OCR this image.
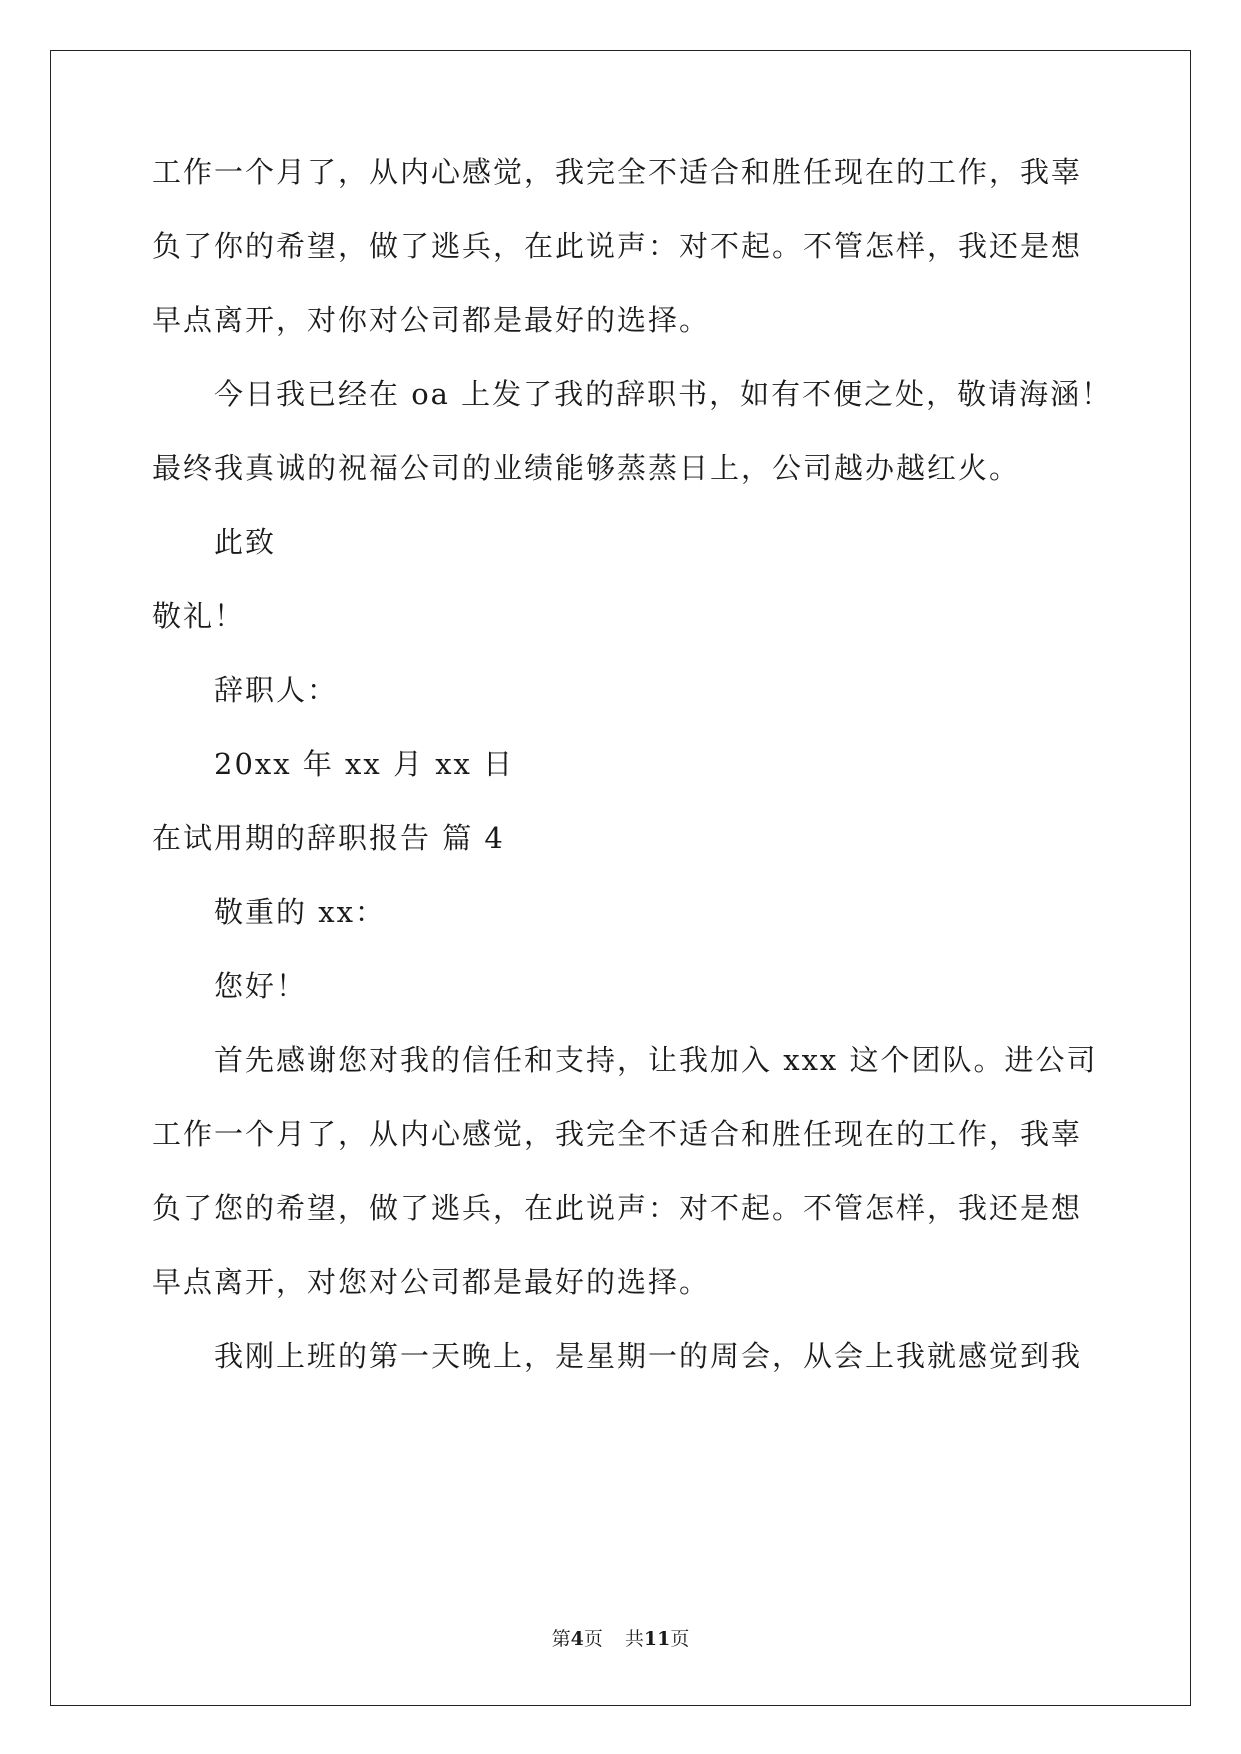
工作一个月了，从内心感觉，我完全不适合和胜任现在的工作，我辜
负了你的希望，做了逃兵，在此说声：对不起。不管怎样，我还是想
早点离开，对你对公司都是最好的选择。
今日我已经在 oa 上发了我的辞职书，如有不便之处，敬请海涵！
最终我真诚的祝福公司的业绩能够蒸蒸日上，公司越办越红火。
此致
敬礼！
辞职人：
20xx 年 xx 月 xx 日
在试用期的辞职报告 篇 4
敬重的 xx：
您好！
首先感谢您对我的信任和支持，让我加入 xxx 这个团队。进公司
工作一个月了，从内心感觉，我完全不适合和胜任现在的工作，我辜
负了您的希望，做了逃兵，在此说声：对不起。不管怎样，我还是想
早点离开，对您对公司都是最好的选择。
我刚上班的第一天晚上，是星期一的周会，从会上我就感觉到我
第4页 共11页
